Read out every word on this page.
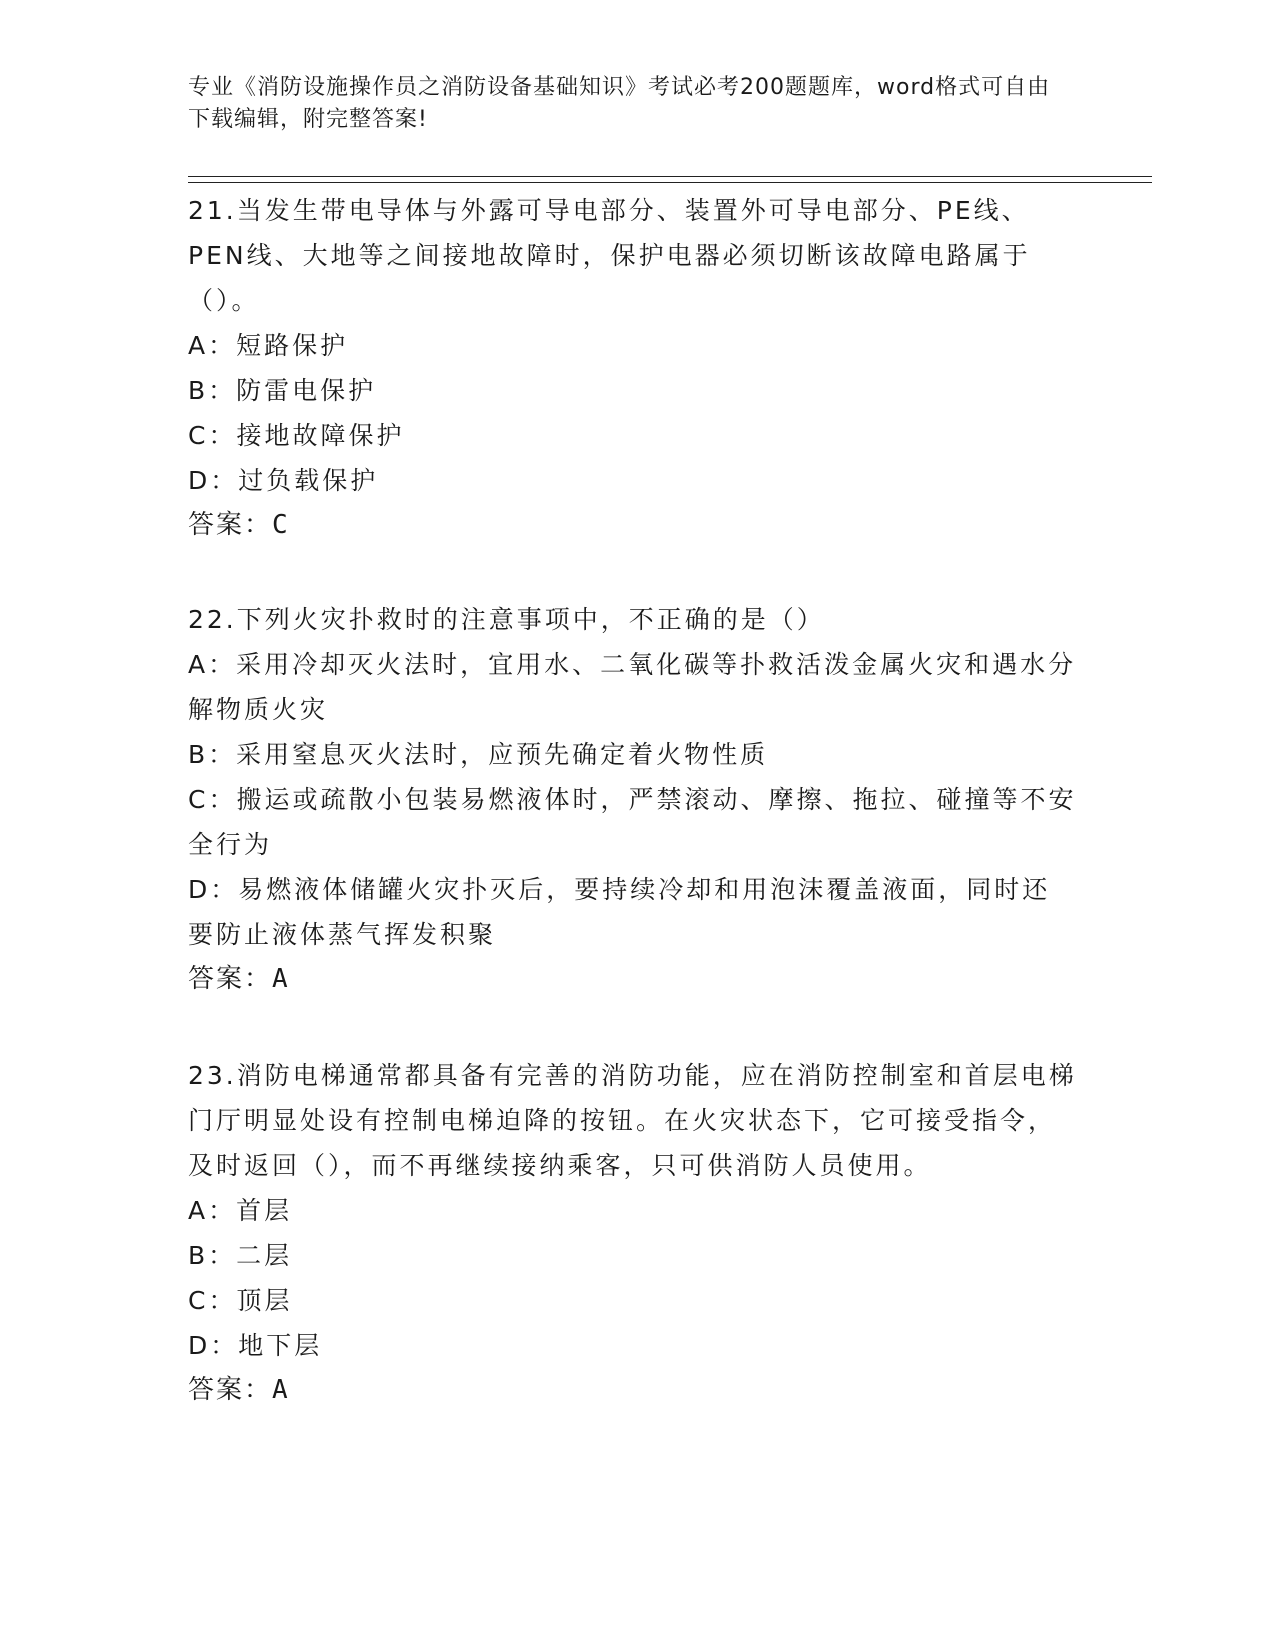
专业《消防设施操作员之消防设备基础知识》考试必考200题题库，word格式可自由下载编辑，附完整答案!

21.当发生带电导体与外露可导电部分、装置外可导电部分、PE线、PEN线、大地等之间接地故障时，保护电器必须切断该故障电路属于（）。

A：短路保护

B：防雷电保护

C：接地故障保护

D：过负载保护

答案：C

22.下列火灾扑救时的注意事项中，不正确的是（）

A：采用冷却灭火法时，宜用水、二氧化碳等扑救活泼金属火灾和遇水分解物质火灾

B：采用窒息灭火法时，应预先确定着火物性质

C：搬运或疏散小包装易燃液体时，严禁滚动、摩擦、拖拉、碰撞等不安全行为

D：易燃液体储罐火灾扑灭后，要持续冷却和用泡沫覆盖液面，同时还要防止液体蒸气挥发积聚

答案：A

23.消防电梯通常都具备有完善的消防功能，应在消防控制室和首层电梯门厅明显处设有控制电梯迫降的按钮。在火灾状态下，它可接受指令，及时返回（），而不再继续接纳乘客，只可供消防人员使用。

A：首层

B：二层

C：顶层

D：地下层

答案：A
